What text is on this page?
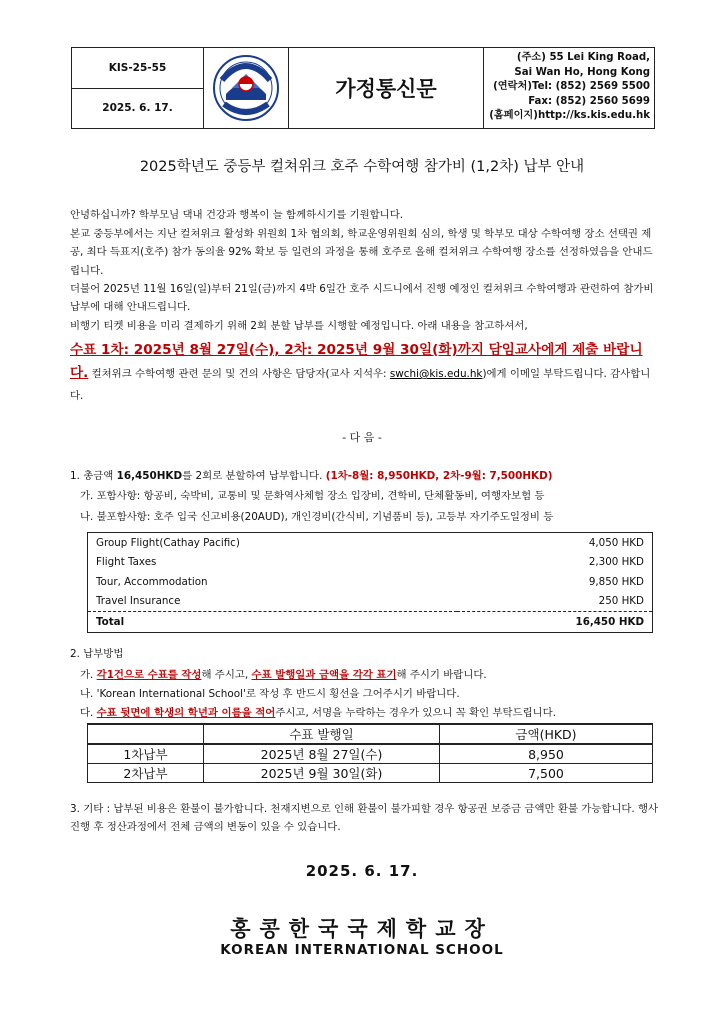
KIS-25-55
2025. 6. 17.
가정통신문
(주소) 55 Lei King Road,
Sai Wan Ho, Hong Kong
(연락처)Tel: (852) 2569 5500
Fax: (852) 2560 5699
(홈페이지)http://ks.kis.edu.hk
2025학년도 중등부 컬쳐위크 호주 수학여행 참가비 (1,2차) 납부 안내
안녕하십니까? 학부모님 댁내 건강과 행복이 늘 함께하시기를 기원합니다.
본교 중등부에서는 지난 컬쳐위크 활성화 위원회 1차 협의회, 학교운영위원회 심의, 학생 및 학부모 대상 수학여행 장소 선택권 제공, 최다 득표지(호주) 참가 동의율 92% 확보 등 일련의 과정을 통해 호주로 올해 컬쳐위크 수학여행 장소를 선정하였음을 안내드립니다.
더불어 2025년 11월 16일(일)부터 21일(금)까지 4박 6일간 호주 시드니에서 진행 예정인 컬쳐위크 수학여행과 관련하여 참가비 납부에 대해 안내드립니다.
비행기 티켓 비용을 미리 결제하기 위해 2회 분할 납부를 시행할 예정입니다. 아래 내용을 참고하셔서,
수표 1차: 2025년 8월 27일(수), 2차: 2025년 9월 30일(화)까지 담임교사에게 제출 바랍니다. 컬쳐위크 수학여행 관련 문의 및 건의 사항은 담당자(교사 지석우: swchi@kis.edu.hk)에게 이메일 부탁드립니다. 감사합니다.
- 다 음 -
1. 총금액 16,450HKD를 2회로 분할하여 납부합니다. (1차-8월: 8,950HKD, 2차-9월: 7,500HKD)
가. 포함사항: 항공비, 숙박비, 교통비 및 문화역사체험 장소 입장비, 견학비, 단체활동비, 여행자보험 등
나. 불포함사항: 호주 입국 신고비용(20AUD), 개인경비(간식비, 기념품비 등), 고등부 자기주도일정비 등
Group Flight(Cathay Pacific)	4,050 HKD
Flight Taxes	2,300 HKD
Tour, Accommodation	9,850 HKD
Travel Insurance	250 HKD
Total	16,450 HKD
2. 납부방법
가. 각1건으로 수표를 작성해 주시고, 수표 발행일과 금액을 각각 표기해 주시기 바랍니다.
나. 'Korean International School'로 작성 후 반드시 횡선을 그어주시기 바랍니다.
다. 수표 뒷면에 학생의 학년과 이름을 적어주시고, 서명을 누락하는 경우가 있으니 꼭 확인 부탁드립니다.
	수표 발행일	금액(HKD)
1차납부	2025년 8월 27일(수)	8,950
2차납부	2025년 9월 30일(화)	7,500
3. 기타 : 납부된 비용은 환불이 불가합니다. 천재지변으로 인해 환불이 불가피할 경우 항공권 보증금 금액만 환불 가능합니다. 행사 진행 후 정산과정에서 전체 금액의 변동이 있을 수 있습니다.
2025. 6. 17.
홍콩한국국제학교장
KOREAN INTERNATIONAL SCHOOL
